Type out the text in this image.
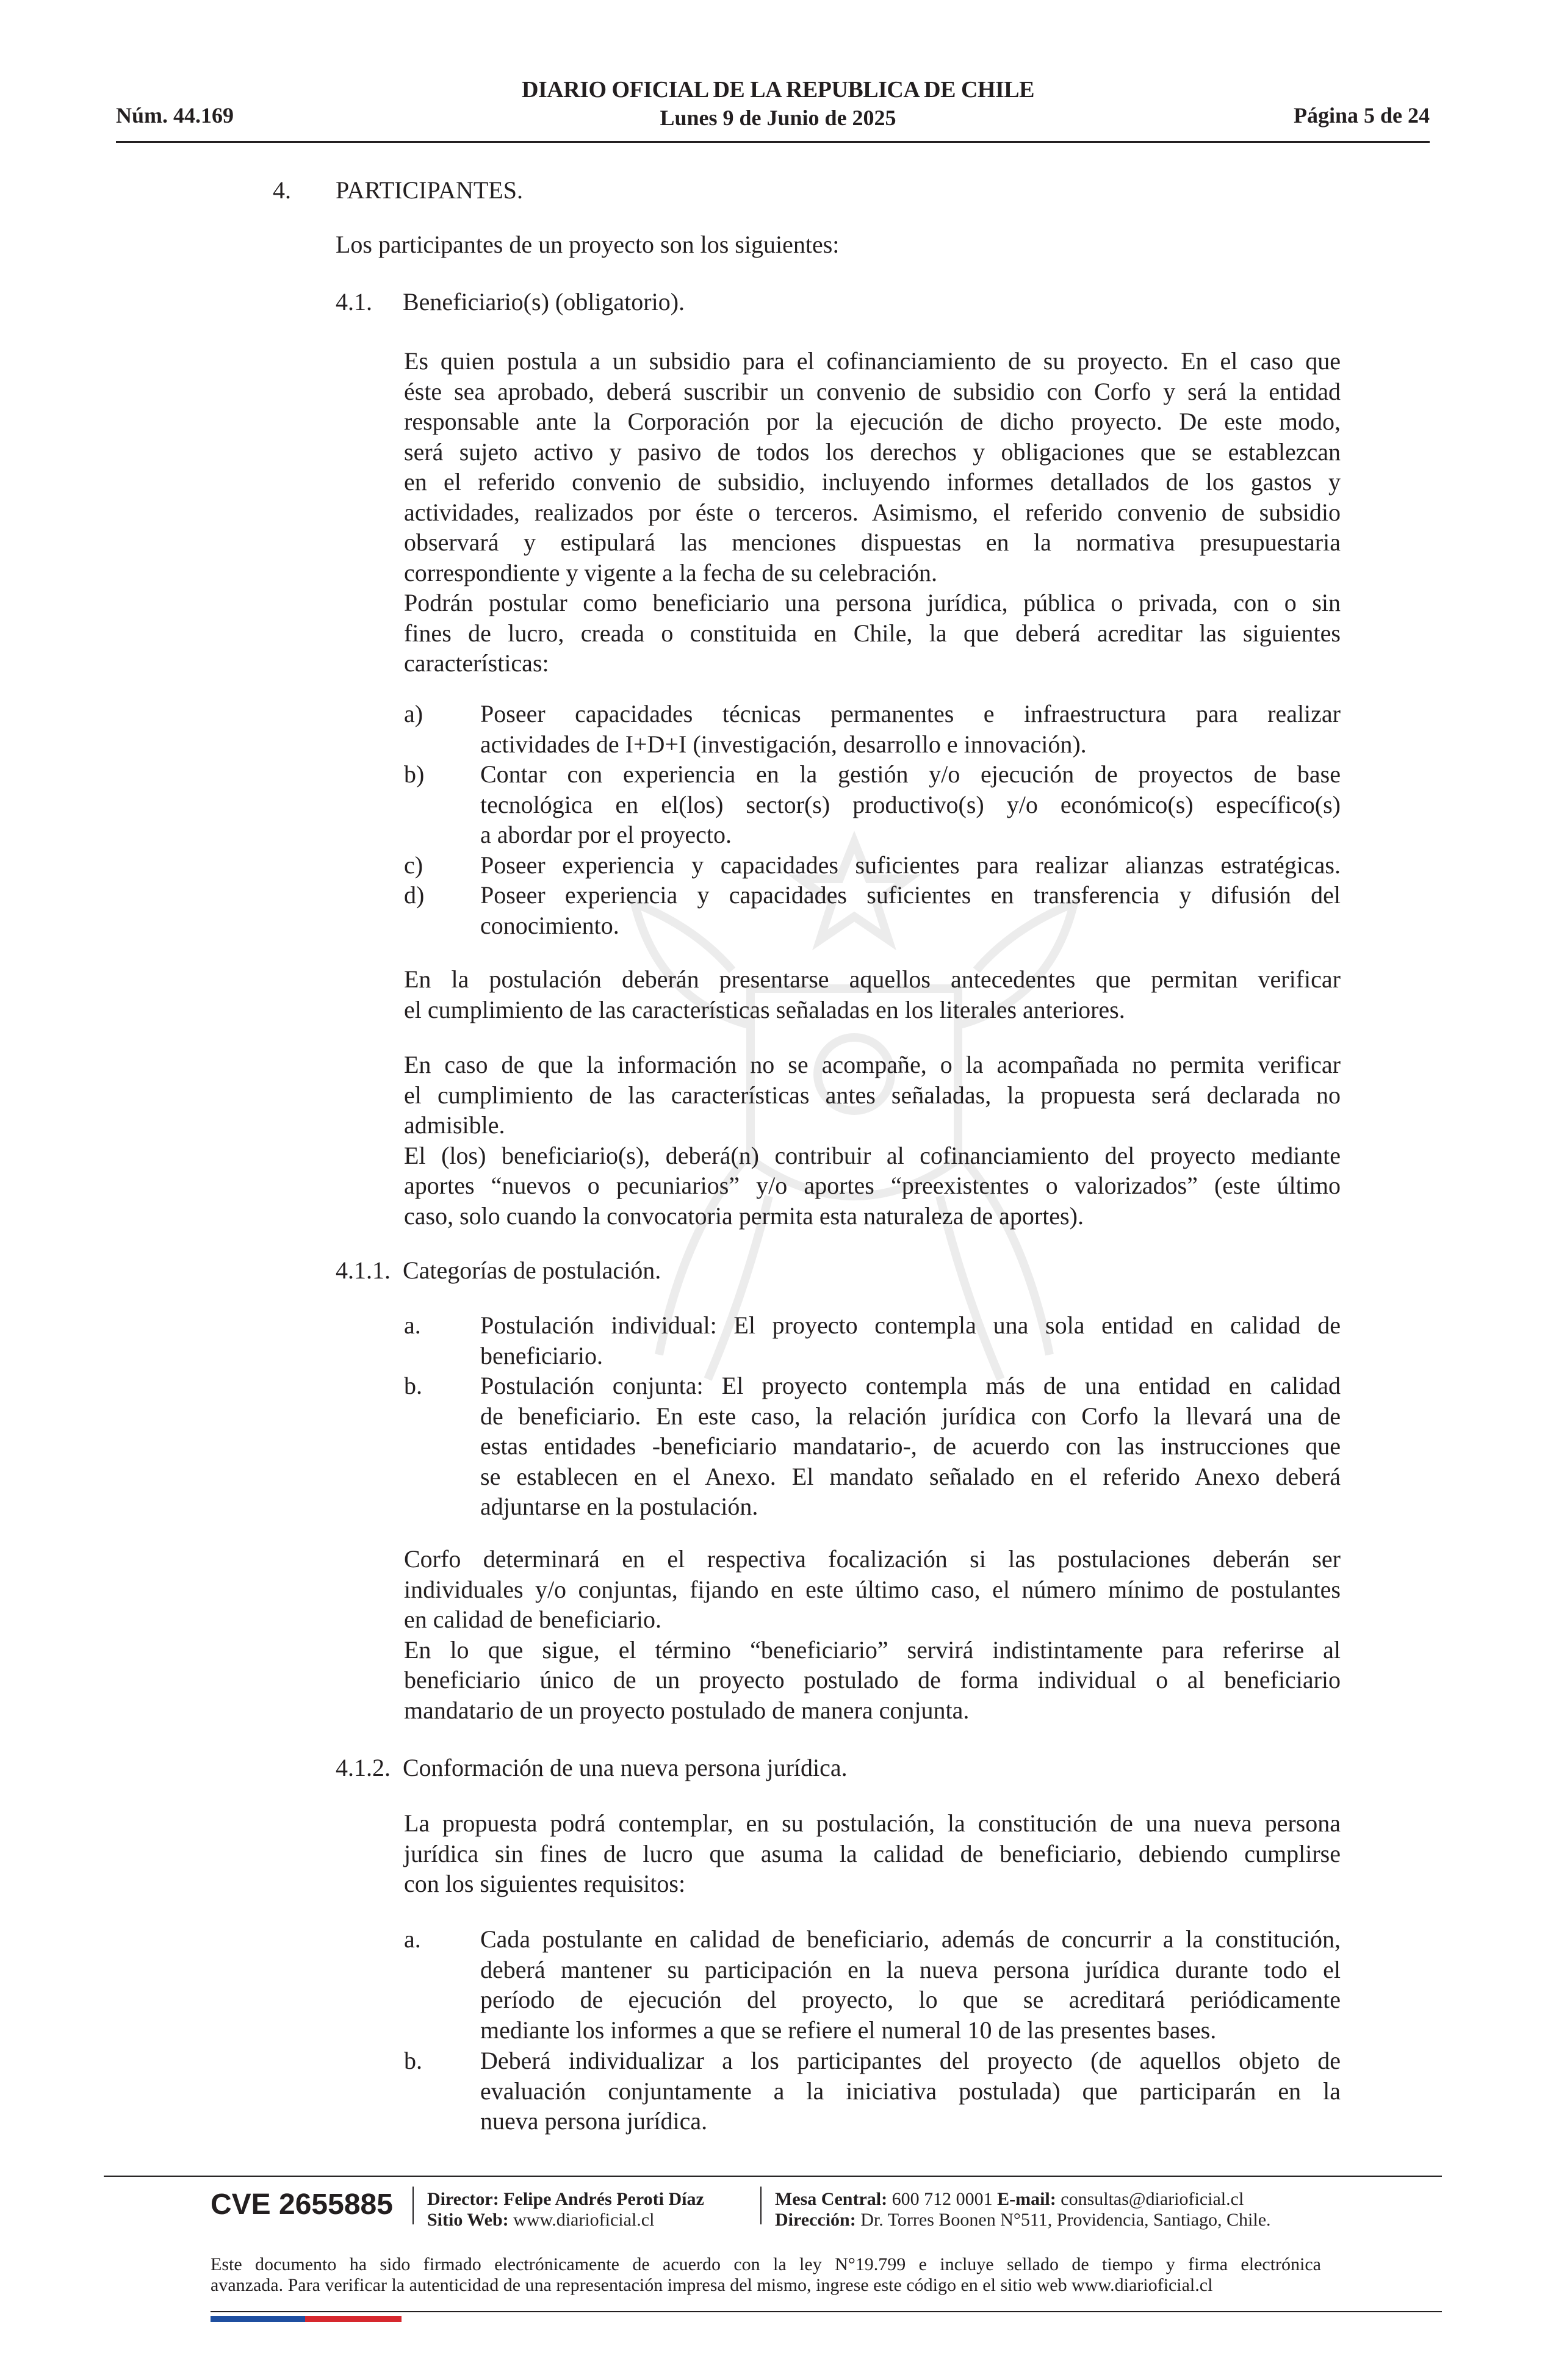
Núm. 44.169
DIARIO OFICIAL DE LA REPUBLICA DE CHILE
Lunes 9 de Junio de 2025	Página 5 de 24
4. PARTICIPANTES.
Los participantes de un proyecto son los siguientes:
4.1. Beneficiario(s) (obligatorio).
Es quien postula a un subsidio para el cofinanciamiento de su proyecto. En el caso que
éste sea aprobado, deberá suscribir un convenio de subsidio con Corfo y será la entidad
responsable ante la Corporación por la ejecución de dicho proyecto. De este modo,
será sujeto activo y pasivo de todos los derechos y obligaciones que se establezcan
en el referido convenio de subsidio, incluyendo informes detallados de los gastos y
actividades, realizados por éste o terceros. Asimismo, el referido convenio de subsidio
observará y estipulará las menciones dispuestas en la normativa presupuestaria
correspondiente y vigente a la fecha de su celebración.
Podrán postular como beneficiario una persona jurídica, pública o privada, con o sin
fines de lucro, creada o constituida en Chile, la que deberá acreditar las siguientes
características:
a) Poseer capacidades técnicas permanentes e infraestructura para realizar
actividades de I+D+I (investigación, desarrollo e innovación).
b) Contar con experiencia en la gestión y/o ejecución de proyectos de base
tecnológica en el(los) sector(s) productivo(s) y/o económico(s) específico(s)
a abordar por el proyecto.
c) Poseer experiencia y capacidades suficientes para realizar alianzas estratégicas.
d) Poseer experiencia y capacidades suficientes en transferencia y difusión del
conocimiento.
En la postulación deberán presentarse aquellos antecedentes que permitan verificar
el cumplimiento de las características señaladas en los literales anteriores.
En caso de que la información no se acompañe, o la acompañada no permita verificar
el cumplimiento de las características antes señaladas, la propuesta será declarada no
admisible.
El (los) beneficiario(s), deberá(n) contribuir al cofinanciamiento del proyecto mediante
aportes “nuevos o pecuniarios” y/o aportes “preexistentes o valorizados” (este último
caso, solo cuando la convocatoria permita esta naturaleza de aportes).
4.1.1. Categorías de postulación.
a. Postulación individual: El proyecto contempla una sola entidad en calidad de
beneficiario.
b. Postulación conjunta: El proyecto contempla más de una entidad en calidad
de beneficiario. En este caso, la relación jurídica con Corfo la llevará una de
estas entidades -beneficiario mandatario-, de acuerdo con las instrucciones que
se establecen en el Anexo. El mandato señalado en el referido Anexo deberá
adjuntarse en la postulación.
Corfo determinará en el respectiva focalización si las postulaciones deberán ser
individuales y/o conjuntas, fijando en este último caso, el número mínimo de postulantes
en calidad de beneficiario.
En lo que sigue, el término “beneficiario” servirá indistintamente para referirse al
beneficiario único de un proyecto postulado de forma individual o al beneficiario
mandatario de un proyecto postulado de manera conjunta.
4.1.2. Conformación de una nueva persona jurídica.
La propuesta podrá contemplar, en su postulación, la constitución de una nueva persona
jurídica sin fines de lucro que asuma la calidad de beneficiario, debiendo cumplirse
con los siguientes requisitos:
a. Cada postulante en calidad de beneficiario, además de concurrir a la constitución,
deberá mantener su participación en la nueva persona jurídica durante todo el
período de ejecución del proyecto, lo que se acreditará periódicamente
mediante los informes a que se refiere el numeral 10 de las presentes bases.
b. Deberá individualizar a los participantes del proyecto (de aquellos objeto de
evaluación conjuntamente a la iniciativa postulada) que participarán en la
nueva persona jurídica.
CVE 2655885 Director: Felipe Andrés Peroti Díaz
Sitio Web: www.diarioficial.cl
Mesa Central: 600 712 0001 E-mail: consultas@diarioficial.cl
Dirección: Dr. Torres Boonen N°511, Providencia, Santiago, Chile.
Este documento ha sido firmado electrónicamente de acuerdo con la ley N°19.799 e incluye sellado de tiempo y firma electrónica
avanzada. Para verificar la autenticidad de una representación impresa del mismo, ingrese este código en el sitio web www.diarioficial.cl
